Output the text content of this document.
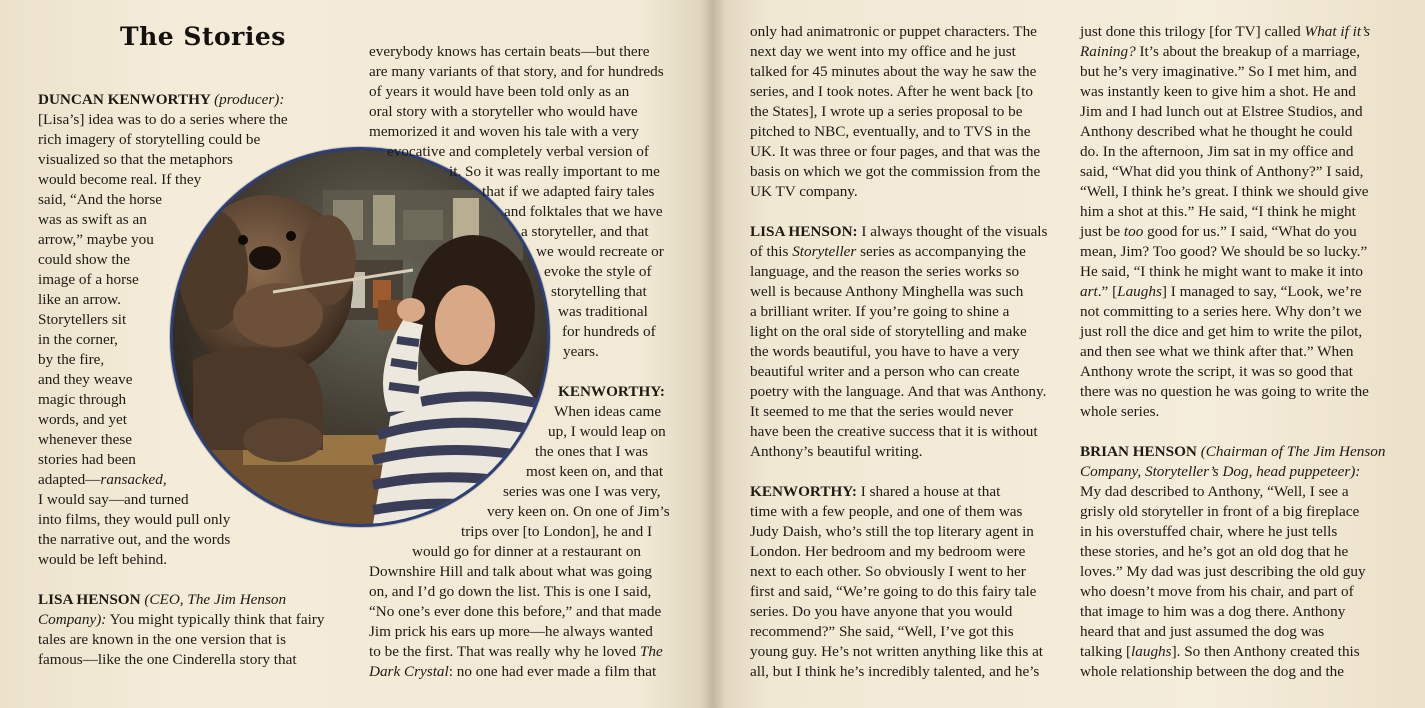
The Stories
DUNCAN KENWORTHY (producer):
[Lisa’s] idea was to do a series where the
rich imagery of storytelling could be
visualized so that the metaphors
would become real. If they
said, “And the horse
was as swift as an
arrow,” maybe you
could show the
image of a horse
like an arrow.
Storytellers sit
in the corner,
by the fire,
and they weave
magic through
words, and yet
whenever these
stories had been
adapted—ransacked,
I would say—and turned
into films, they would pull only
the narrative out, and the words
would be left behind.
LISA HENSON (CEO, The Jim Henson
Company): You might typically think that fairy
tales are known in the one version that is
famous—like the one Cinderella story that
everybody knows has certain beats—but there
are many variants of that story, and for hundreds
of years it would have been told only as an
oral story with a storyteller who would have
memorized it and woven his tale with a very
evocative and completely verbal version of
it. So it was really important to me
that if we adapted fairy tales
and folktales that we have
a storyteller, and that
we would recreate or
evoke the style of
storytelling that
was traditional
for hundreds of
years.
KENWORTHY:
When ideas came
up, I would leap on
the ones that I was
most keen on, and that
series was one I was very,
very keen on. On one of Jim’s
trips over [to London], he and I
would go for dinner at a restaurant on
Downshire Hill and talk about what was going
on, and I’d go down the list. This is one I said,
“No one’s ever done this before,” and that made
Jim prick his ears up more—he always wanted
to be the first. That was really why he loved The
Dark Crystal: no one had ever made a film that
only had animatronic or puppet characters. The
next day we went into my office and he just
talked for 45 minutes about the way he saw the
series, and I took notes. After he went back [to
the States], I wrote up a series proposal to be
pitched to NBC, eventually, and to TVS in the
UK. It was three or four pages, and that was the
basis on which we got the commission from the
UK TV company.
LISA HENSON: I always thought of the visuals
of this Storyteller series as accompanying the
language, and the reason the series works so
well is because Anthony Minghella was such
a brilliant writer. If you’re going to shine a
light on the oral side of storytelling and make
the words beautiful, you have to have a very
beautiful writer and a person who can create
poetry with the language. And that was Anthony.
It seemed to me that the series would never
have been the creative success that it is without
Anthony’s beautiful writing.
KENWORTHY: I shared a house at that
time with a few people, and one of them was
Judy Daish, who’s still the top literary agent in
London. Her bedroom and my bedroom were
next to each other. So obviously I went to her
first and said, “We’re going to do this fairy tale
series. Do you have anyone that you would
recommend?” She said, “Well, I’ve got this
young guy. He’s not written anything like this at
all, but I think he’s incredibly talented, and he’s
just done this trilogy [for TV] called What if it’s
Raining? It’s about the breakup of a marriage,
but he’s very imaginative.” So I met him, and
was instantly keen to give him a shot. He and
Jim and I had lunch out at Elstree Studios, and
Anthony described what he thought he could
do. In the afternoon, Jim sat in my office and
said, “What did you think of Anthony?” I said,
“Well, I think he’s great. I think we should give
him a shot at this.” He said, “I think he might
just be too good for us.” I said, “What do you
mean, Jim? Too good? We should be so lucky.”
He said, “I think he might want to make it into
art.” [Laughs] I managed to say, “Look, we’re
not committing to a series here. Why don’t we
just roll the dice and get him to write the pilot,
and then see what we think after that.” When
Anthony wrote the script, it was so good that
there was no question he was going to write the
whole series.
BRIAN HENSON (Chairman of The Jim Henson
Company, Storyteller’s Dog, head puppeteer):
My dad described to Anthony, “Well, I see a
grisly old storyteller in front of a big fireplace
in his overstuffed chair, where he just tells
these stories, and he’s got an old dog that he
loves.” My dad was just describing the old guy
who doesn’t move from his chair, and part of
that image to him was a dog there. Anthony
heard that and just assumed the dog was
talking [laughs]. So then Anthony created this
whole relationship between the dog and the
